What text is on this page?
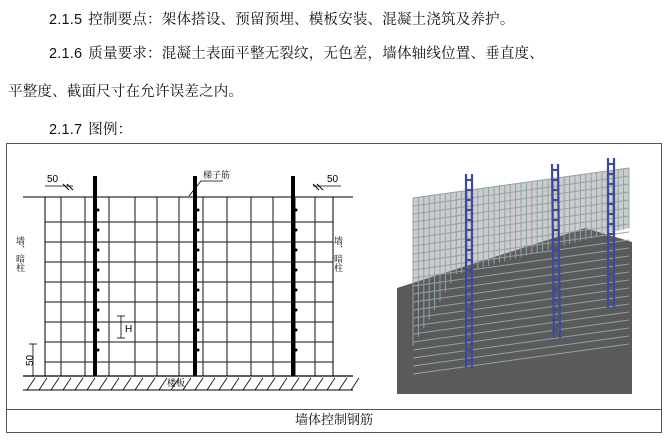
2.1.5 控制要点：架体搭设、预留预埋、模板安装、混凝土浇筑及养护。
2.1.6 质量要求：混凝土表面平整无裂纹，无色差，墙体轴线位置、垂直度、
平整度、截面尺寸在允许误差之内。
2.1.7 图例：
50	50
梯子筋
墙、暗柱	墙、暗柱
楼板
50
H
墙体控制钢筋
